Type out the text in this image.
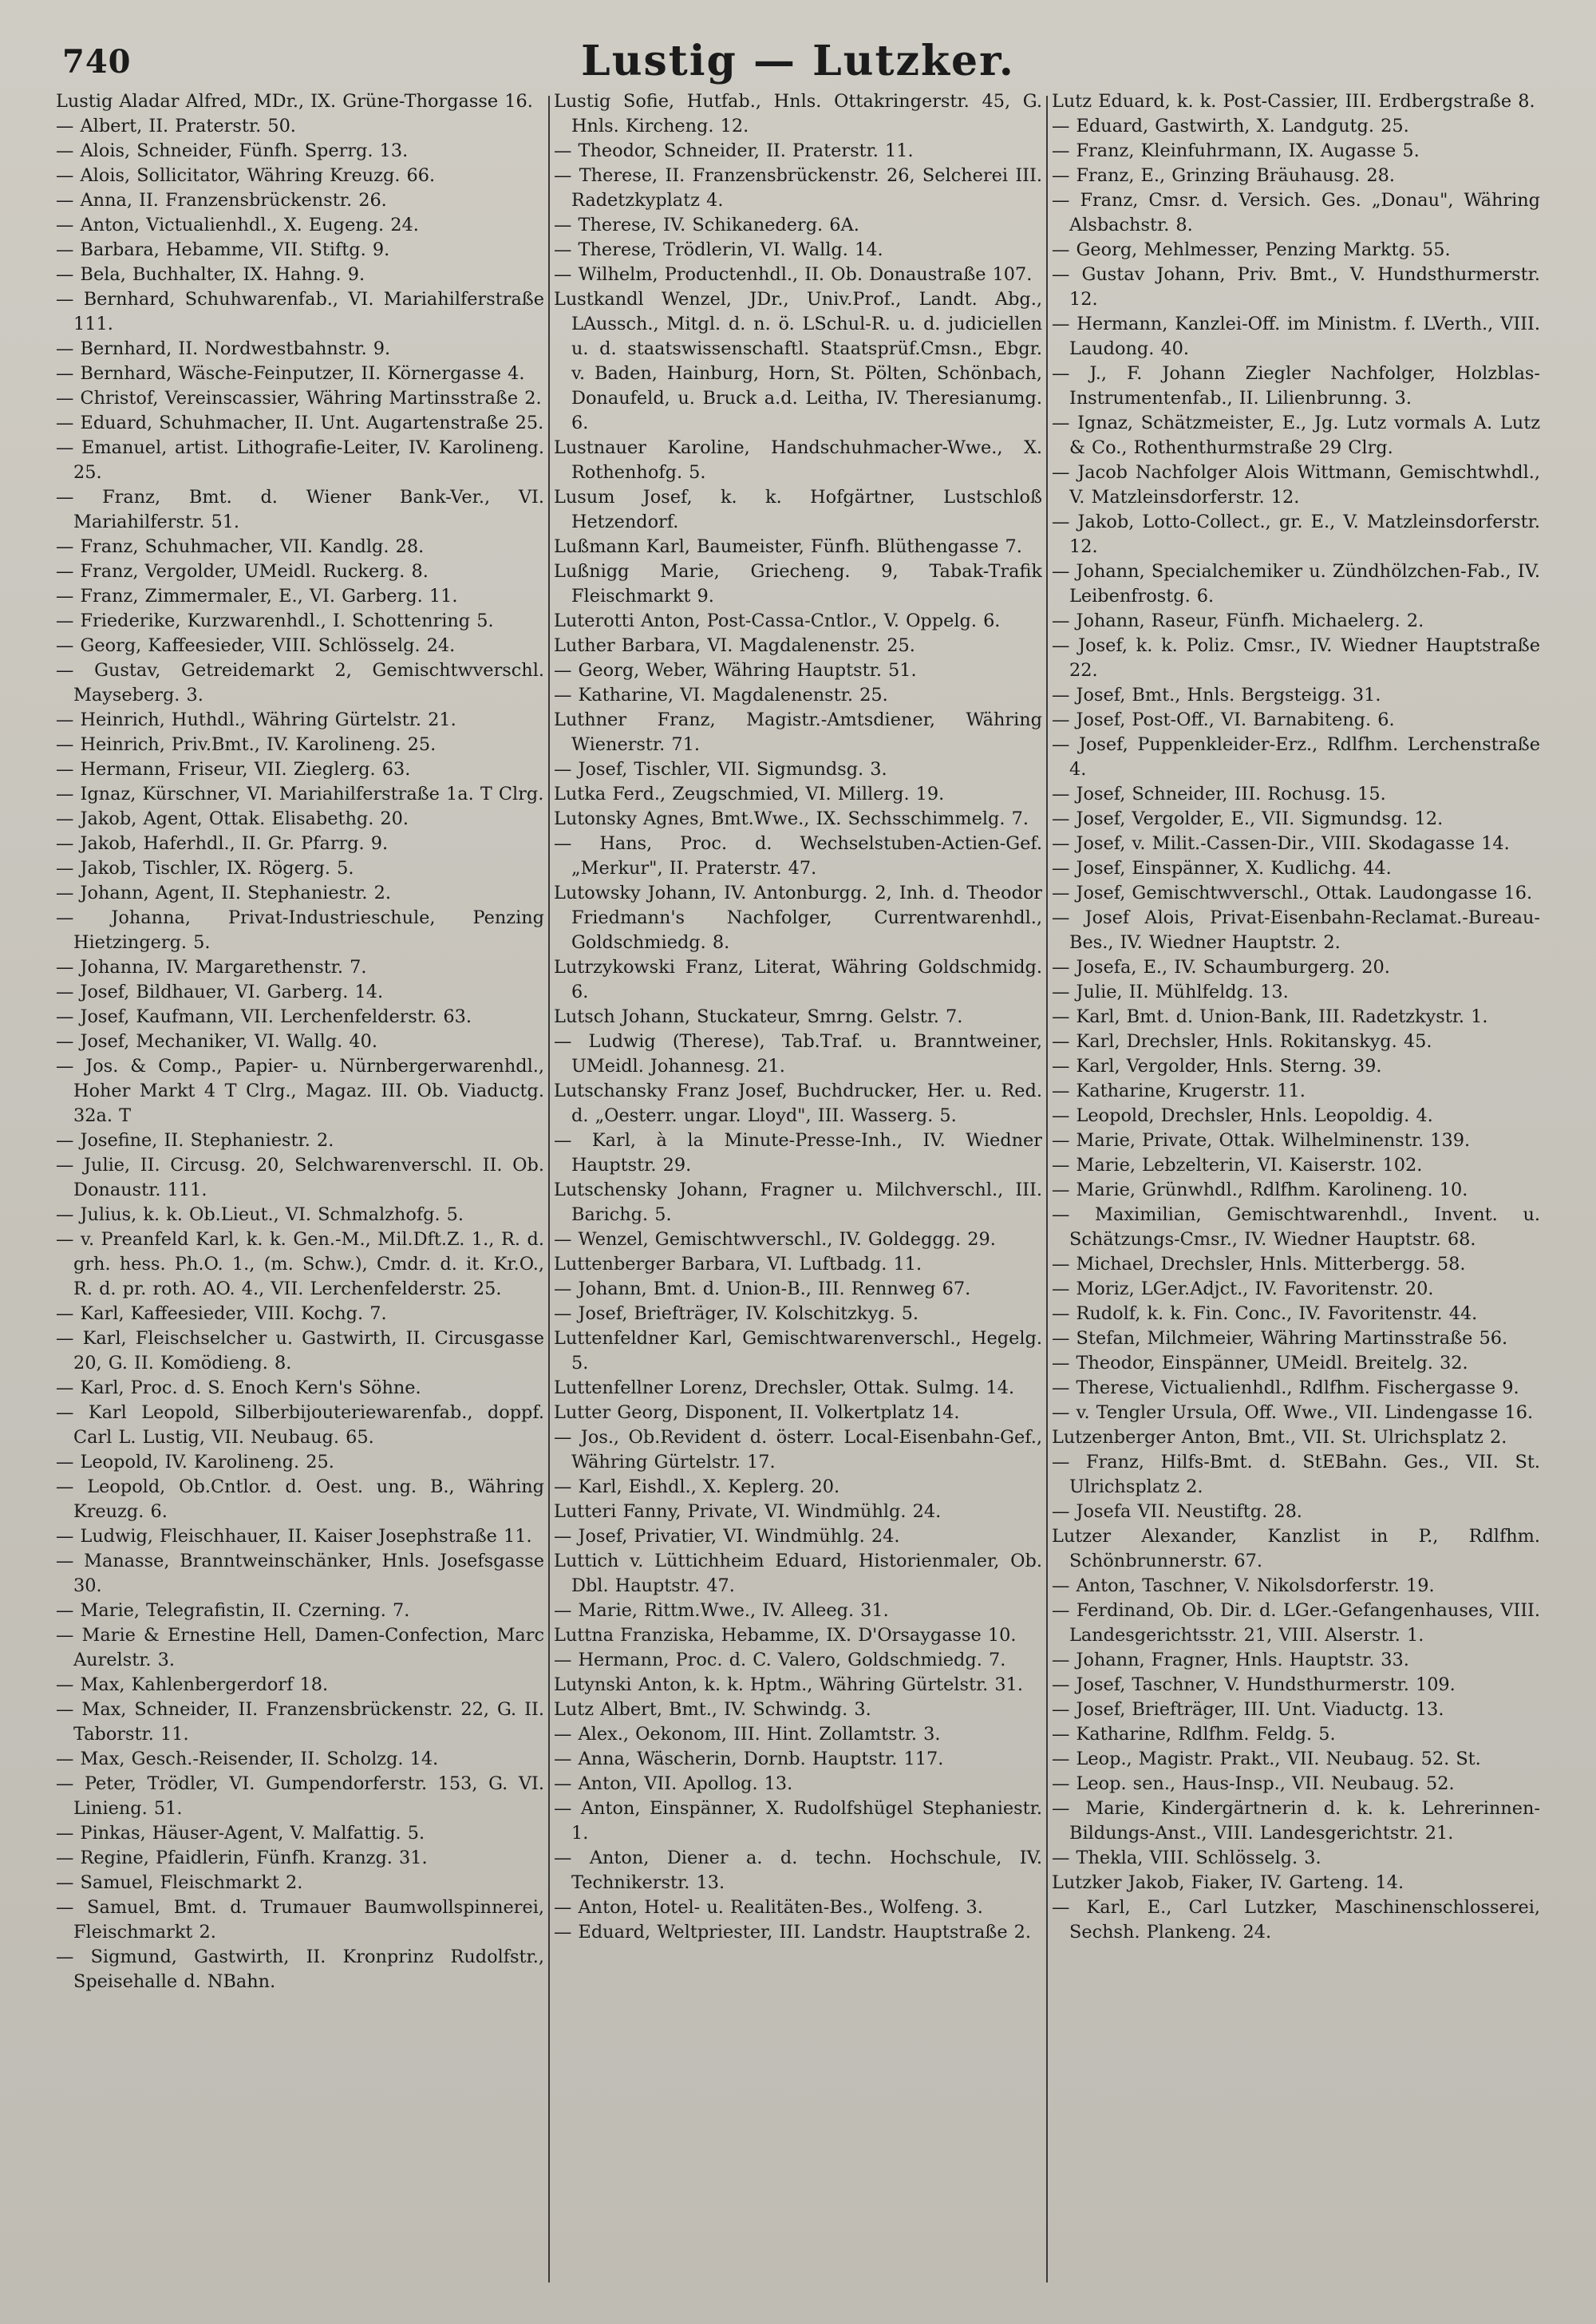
740	Lustig — Lutzker.

Lustig Aladar Alfred, MDr., IX. Grüne-Thorgasse 16.

— Albert, II. Praterstr. 50.

— Alois, Schneider, Fünfh. Sperrg. 13.

— Alois, Sollicitator, Währing Kreuzg. 66.

— Anna, II. Franzensbrückenstr. 26.

— Anton, Victualienhdl., X. Eugeng. 24.

— Barbara, Hebamme, VII. Stiftg. 9.

— Bela, Buchhalter, IX. Hahng. 9.

— Bernhard, Schuhwarenfab., VI. Mariahilferstraße 111.

— Bernhard, II. Nordwestbahnstr. 9.

— Bernhard, Wäsche-Feinputzer, II. Körnergasse 4.

— Christof, Vereinscassier, Währing Martinsstraße 2.

— Eduard, Schuhmacher, II. Unt. Augartenstraße 25.

— Emanuel, artist. Lithografie-Leiter, IV. Karolineng. 25.

— Franz, Bmt. d. Wiener Bank-Ver., VI. Mariahilferstr. 51.

— Franz, Schuhmacher, VII. Kandlg. 28.

— Franz, Vergolder, UMeidl. Ruckerg. 8.

— Franz, Zimmermaler, E., VI. Garberg. 11.

— Friederike, Kurzwarenhdl., I. Schottenring 5.

— Georg, Kaffeesieder, VIII. Schlösselg. 24.

— Gustav, Getreidemarkt 2, Gemischtwverschl. Mayseberg. 3.

— Heinrich, Huthdl., Währing Gürtelstr. 21.

— Heinrich, Priv.Bmt., IV. Karolineng. 25.

— Hermann, Friseur, VII. Zieglerg. 63.

— Ignaz, Kürschner, VI. Mariahilferstraße 1a. T Clrg.

— Jakob, Agent, Ottak. Elisabethg. 20.

— Jakob, Haferhdl., II. Gr. Pfarrg. 9.

— Jakob, Tischler, IX. Rögerg. 5.

— Johann, Agent, II. Stephaniestr. 2.

— Johanna, Privat-Industrieschule, Penzing Hietzingerg. 5.

— Johanna, IV. Margarethenstr. 7.

— Josef, Bildhauer, VI. Garberg. 14.

— Josef, Kaufmann, VII. Lerchenfelderstr. 63.

— Josef, Mechaniker, VI. Wallg. 40.

— Jos. & Comp., Papier- u. Nürnbergerwarenhdl., Hoher Markt 4 T Clrg., Magaz. III. Ob. Viaductg. 32a. T

— Josefine, II. Stephaniestr. 2.

— Julie, II. Circusg. 20, Selchwarenverschl. II. Ob. Donaustr. 111.

— Julius, k. k. Ob.Lieut., VI. Schmalzhofg. 5.

— v. Preanfeld Karl, k. k. Gen.-M., Mil.Dft.Z. 1., R. d. grh. hess. Ph.O. 1., (m. Schw.), Cmdr. d. it. Kr.O., R. d. pr. roth. AO. 4., VII. Lerchenfelderstr. 25.

— Karl, Kaffeesieder, VIII. Kochg. 7.

— Karl, Fleischselcher u. Gastwirth, II. Circusgasse 20, G. II. Komödieng. 8.

— Karl, Proc. d. S. Enoch Kern's Söhne.

— Karl Leopold, Silberbijouteriewarenfab., doppf. Carl L. Lustig, VII. Neubaug. 65.

— Leopold, IV. Karolineng. 25.

— Leopold, Ob.Cntlor. d. Oest. ung. B., Währing Kreuzg. 6.

— Ludwig, Fleischhauer, II. Kaiser Josephstraße 11.

— Manasse, Branntweinschänker, Hnls. Josefsgasse 30.

— Marie, Telegrafistin, II. Czerning. 7.

— Marie & Ernestine Hell, Damen-Confection, Marc Aurelstr. 3.

— Max, Kahlenbergerdorf 18.

— Max, Schneider, II. Franzensbrückenstr. 22, G. II. Taborstr. 11.

— Max, Gesch.-Reisender, II. Scholzg. 14.

— Peter, Trödler, VI. Gumpendorferstr. 153, G. VI. Linieng. 51.

— Pinkas, Häuser-Agent, V. Malfattig. 5.

— Regine, Pfaidlerin, Fünfh. Kranzg. 31.

— Samuel, Fleischmarkt 2.

— Samuel, Bmt. d. Trumauer Baumwollspinnerei, Fleischmarkt 2.

— Sigmund, Gastwirth, II. Kronprinz Rudolfstr., Speisehalle d. NBahn.

Lustig Sofie, Hutfab., Hnls. Ottakringerstr. 45, G. Hnls. Kircheng. 12.

— Theodor, Schneider, II. Praterstr. 11.

— Therese, II. Franzensbrückenstr. 26, Selcherei III. Radetzkyplatz 4.

— Therese, IV. Schikanederg. 6A.

— Therese, Trödlerin, VI. Wallg. 14.

— Wilhelm, Productenhdl., II. Ob. Donaustraße 107.

Lustkandl Wenzel, JDr., Univ.Prof., Landt. Abg., LAussch., Mitgl. d. n. ö. LSchul-R. u. d. judiciellen u. d. staatswissenschaftl. Staatsprüf.Cmsn., Ebgr. v. Baden, Hainburg, Horn, St. Pölten, Schönbach, Donaufeld, u. Bruck a.d. Leitha, IV. Theresianumg. 6.

Lustnauer Karoline, Handschuhmacher-Wwe., X. Rothenhofg. 5.

Lusum Josef, k. k. Hofgärtner, Lustschloß Hetzendorf.

Lußmann Karl, Baumeister, Fünfh. Blüthengasse 7.

Lußnigg Marie, Griecheng. 9, Tabak-Trafik Fleischmarkt 9.

Luterotti Anton, Post-Cassa-Cntlor., V. Oppelg. 6.

Luther Barbara, VI. Magdalenenstr. 25.

— Georg, Weber, Währing Hauptstr. 51.

— Katharine, VI. Magdalenenstr. 25.

Luthner Franz, Magistr.-Amtsdiener, Währing Wienerstr. 71.

— Josef, Tischler, VII. Sigmundsg. 3.

Lutka Ferd., Zeugschmied, VI. Millerg. 19.

Lutonsky Agnes, Bmt.Wwe., IX. Sechsschimmelg. 7.

— Hans, Proc. d. Wechselstuben-Actien-Gef. „Merkur", II. Praterstr. 47.

Lutowsky Johann, IV. Antonburgg. 2, Inh. d. Theodor Friedmann's Nachfolger, Currentwarenhdl., Goldschmiedg. 8.

Lutrzykowski Franz, Literat, Währing Goldschmidg. 6.

Lutsch Johann, Stuckateur, Smrng. Gelstr. 7.

— Ludwig (Therese), Tab.Traf. u. Branntweiner, UMeidl. Johannesg. 21.

Lutschansky Franz Josef, Buchdrucker, Her. u. Red. d. „Oesterr. ungar. Lloyd", III. Wasserg. 5.

— Karl, à la Minute-Presse-Inh., IV. Wiedner Hauptstr. 29.

Lutschensky Johann, Fragner u. Milchverschl., III. Barichg. 5.

— Wenzel, Gemischtwverschl., IV. Goldeggg. 29.

Luttenberger Barbara, VI. Luftbadg. 11.

— Johann, Bmt. d. Union-B., III. Rennweg 67.

— Josef, Briefträger, IV. Kolschitzkyg. 5.

Luttenfeldner Karl, Gemischtwarenverschl., Hegelg. 5.

Luttenfellner Lorenz, Drechsler, Ottak. Sulmg. 14.

Lutter Georg, Disponent, II. Volkertplatz 14.

— Jos., Ob.Revident d. österr. Local-Eisenbahn-Gef., Währing Gürtelstr. 17.

— Karl, Eishdl., X. Keplerg. 20.

Lutteri Fanny, Private, VI. Windmühlg. 24.

— Josef, Privatier, VI. Windmühlg. 24.

Luttich v. Lüttichheim Eduard, Historienmaler, Ob. Dbl. Hauptstr. 47.

— Marie, Rittm.Wwe., IV. Alleeg. 31.

Luttna Franziska, Hebamme, IX. D'Orsaygasse 10.

— Hermann, Proc. d. C. Valero, Goldschmiedg. 7.

Lutynski Anton, k. k. Hptm., Währing Gürtelstr. 31.

Lutz Albert, Bmt., IV. Schwindg. 3.

— Alex., Oekonom, III. Hint. Zollamtstr. 3.

— Anna, Wäscherin, Dornb. Hauptstr. 117.

— Anton, VII. Apollog. 13.

— Anton, Einspänner, X. Rudolfshügel Stephaniestr. 1.

— Anton, Diener a. d. techn. Hochschule, IV. Technikerstr. 13.

— Anton, Hotel- u. Realitäten-Bes., Wolfeng. 3.

— Eduard, Weltpriester, III. Landstr. Hauptstraße 2.

Lutz Eduard, k. k. Post-Cassier, III. Erdbergstraße 8.

— Eduard, Gastwirth, X. Landgutg. 25.

— Franz, Kleinfuhrmann, IX. Augasse 5.

— Franz, E., Grinzing Bräuhausg. 28.

— Franz, Cmsr. d. Versich. Ges. „Donau", Währing Alsbachstr. 8.

— Georg, Mehlmesser, Penzing Marktg. 55.

— Gustav Johann, Priv. Bmt., V. Hundsthurmerstr. 12.

— Hermann, Kanzlei-Off. im Ministm. f. LVerth., VIII. Laudong. 40.

— J., F. Johann Ziegler Nachfolger, Holzblas-Instrumentenfab., II. Lilienbrunng. 3.

— Ignaz, Schätzmeister, E., Jg. Lutz vormals A. Lutz & Co., Rothenthurmstraße 29 Clrg.

— Jacob Nachfolger Alois Wittmann, Gemischtwhdl., V. Matzleinsdorferstr. 12.

— Jakob, Lotto-Collect., gr. E., V. Matzleinsdorferstr. 12.

— Johann, Specialchemiker u. Zündhölzchen-Fab., IV. Leibenfrostg. 6.

— Johann, Raseur, Fünfh. Michaelerg. 2.

— Josef, k. k. Poliz. Cmsr., IV. Wiedner Hauptstraße 22.

— Josef, Bmt., Hnls. Bergsteigg. 31.

— Josef, Post-Off., VI. Barnabiteng. 6.

— Josef, Puppenkleider-Erz., Rdlfhm. Lerchenstraße 4.

— Josef, Schneider, III. Rochusg. 15.

— Josef, Vergolder, E., VII. Sigmundsg. 12.

— Josef, v. Milit.-Cassen-Dir., VIII. Skodagasse 14.

— Josef, Einspänner, X. Kudlichg. 44.

— Josef, Gemischtwverschl., Ottak. Laudongasse 16.

— Josef Alois, Privat-Eisenbahn-Reclamat.-Bureau-Bes., IV. Wiedner Hauptstr. 2.

— Josefa, E., IV. Schaumburgerg. 20.

— Julie, II. Mühlfeldg. 13.

— Karl, Bmt. d. Union-Bank, III. Radetzkystr. 1.

— Karl, Drechsler, Hnls. Rokitanskyg. 45.

— Karl, Vergolder, Hnls. Sterng. 39.

— Katharine, Krugerstr. 11.

— Leopold, Drechsler, Hnls. Leopoldig. 4.

— Marie, Private, Ottak. Wilhelminenstr. 139.

— Marie, Lebzelterin, VI. Kaiserstr. 102.

— Marie, Grünwhdl., Rdlfhm. Karolineng. 10.

— Maximilian, Gemischtwarenhdl., Invent. u. Schätzungs-Cmsr., IV. Wiedner Hauptstr. 68.

— Michael, Drechsler, Hnls. Mitterbergg. 58.

— Moriz, LGer.Adjct., IV. Favoritenstr. 20.

— Rudolf, k. k. Fin. Conc., IV. Favoritenstr. 44.

— Stefan, Milchmeier, Währing Martinsstraße 56.

— Theodor, Einspänner, UMeidl. Breitelg. 32.

— Therese, Victualienhdl., Rdlfhm. Fischergasse 9.

— v. Tengler Ursula, Off. Wwe., VII. Lindengasse 16.

Lutzenberger Anton, Bmt., VII. St. Ulrichsplatz 2.

— Franz, Hilfs-Bmt. d. StEBahn. Ges., VII. St. Ulrichsplatz 2.

— Josefa VII. Neustiftg. 28.

Lutzer Alexander, Kanzlist in P., Rdlfhm. Schönbrunnerstr. 67.

— Anton, Taschner, V. Nikolsdorferstr. 19.

— Ferdinand, Ob. Dir. d. LGer.-Gefangenhauses, VIII. Landesgerichtsstr. 21, VIII. Alserstr. 1.

— Johann, Fragner, Hnls. Hauptstr. 33.

— Josef, Taschner, V. Hundsthurmerstr. 109.

— Josef, Briefträger, III. Unt. Viaductg. 13.

— Katharine, Rdlfhm. Feldg. 5.

— Leop., Magistr. Prakt., VII. Neubaug. 52. St.

— Leop. sen., Haus-Insp., VII. Neubaug. 52.

— Marie, Kindergärtnerin d. k. k. Lehrerinnen-Bildungs-Anst., VIII. Landesgerichtstr. 21.

— Thekla, VIII. Schlösselg. 3.

Lutzker Jakob, Fiaker, IV. Garteng. 14.

— Karl, E., Carl Lutzker, Maschinenschlosserei, Sechsh. Plankeng. 24.
